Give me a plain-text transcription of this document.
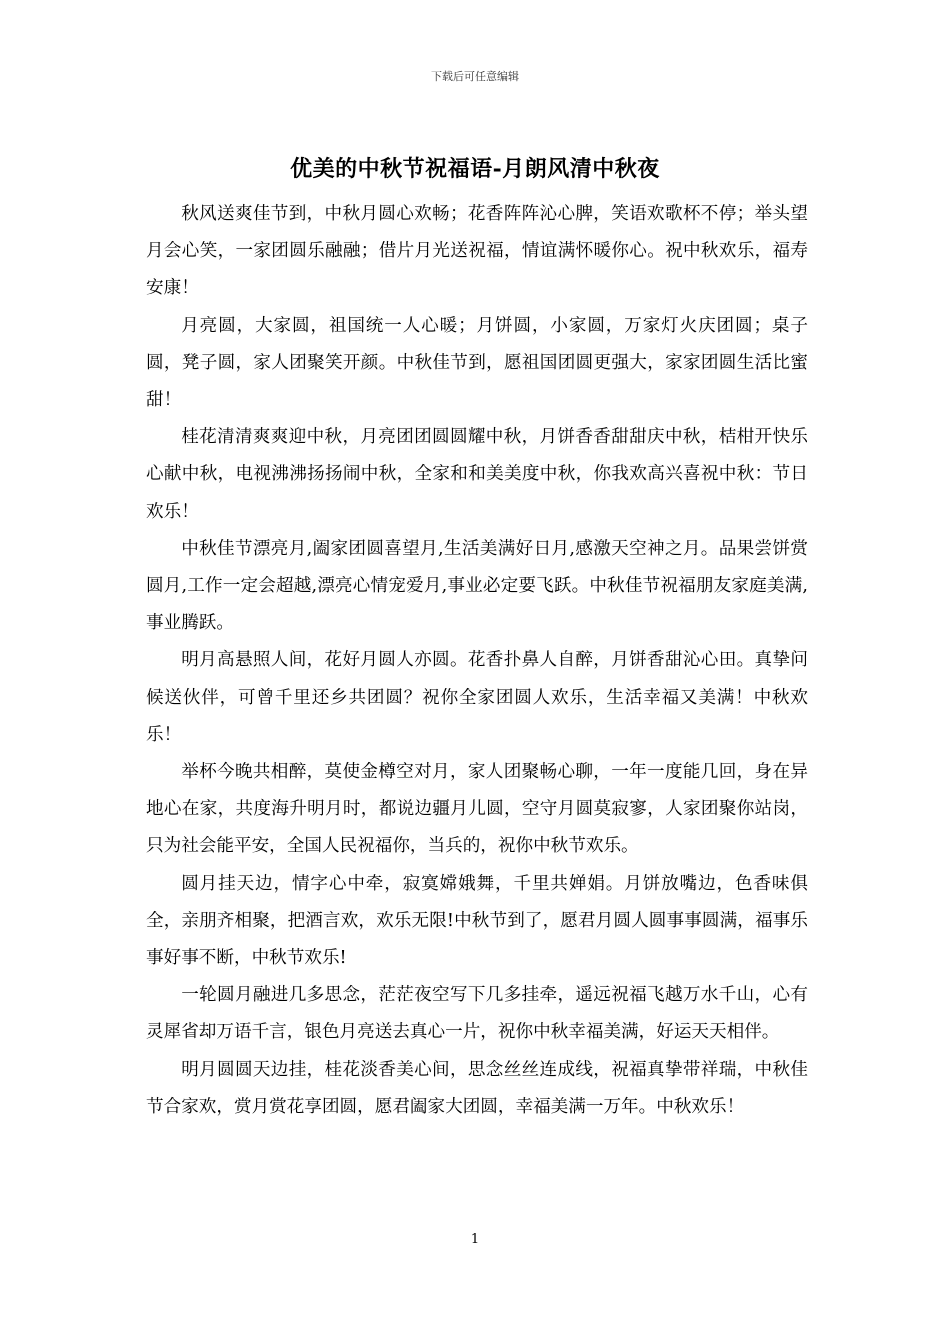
下载后可任意编辑
优美的中秋节祝福语-月朗风清中秋夜

秋风送爽佳节到，中秋月圆心欢畅；花香阵阵沁心脾，笑语欢歌杯不停；举头望月会心笑，一家团圆乐融融；借片月光送祝福，情谊满怀暖你心。祝中秋欢乐，福寿安康！

月亮圆，大家圆，祖国统一人心暖；月饼圆，小家圆，万家灯火庆团圆；桌子圆，凳子圆，家人团聚笑开颜。中秋佳节到，愿祖国团圆更强大，家家团圆生活比蜜甜！

桂花清清爽爽迎中秋，月亮团团圆圆耀中秋，月饼香香甜甜庆中秋，桔柑开快乐心献中秋，电视沸沸扬扬闹中秋，全家和和美美度中秋，你我欢高兴喜祝中秋：节日欢乐！

中秋佳节漂亮月,阖家团圆喜望月,生活美满好日月,感激天空神之月。品果尝饼赏圆月,工作一定会超越,漂亮心情宠爱月,事业必定要飞跃。中秋佳节祝福朋友家庭美满,事业腾跃。

明月高悬照人间，花好月圆人亦圆。花香扑鼻人自醉，月饼香甜沁心田。真挚问候送伙伴，可曾千里还乡共团圆？祝你全家团圆人欢乐，生活幸福又美满！中秋欢乐！

举杯今晚共相醉，莫使金樽空对月，家人团聚畅心聊，一年一度能几回，身在异地心在家，共度海升明月时，都说边疆月儿圆，空守月圆莫寂寥，人家团聚你站岗，只为社会能平安，全国人民祝福你，当兵的，祝你中秋节欢乐。

圆月挂天边，情字心中牵，寂寞嫦娥舞，千里共婵娟。月饼放嘴边，色香味俱全，亲朋齐相聚，把酒言欢，欢乐无限!中秋节到了，愿君月圆人圆事事圆满，福事乐事好事不断，中秋节欢乐!

一轮圆月融进几多思念，茫茫夜空写下几多挂牵，遥远祝福飞越万水千山，心有灵犀省却万语千言，银色月亮送去真心一片，祝你中秋幸福美满，好运天天相伴。

明月圆圆天边挂，桂花淡香美心间，思念丝丝连成线，祝福真挚带祥瑞，中秋佳节合家欢，赏月赏花享团圆，愿君阖家大团圆，幸福美满一万年。中秋欢乐！

1
